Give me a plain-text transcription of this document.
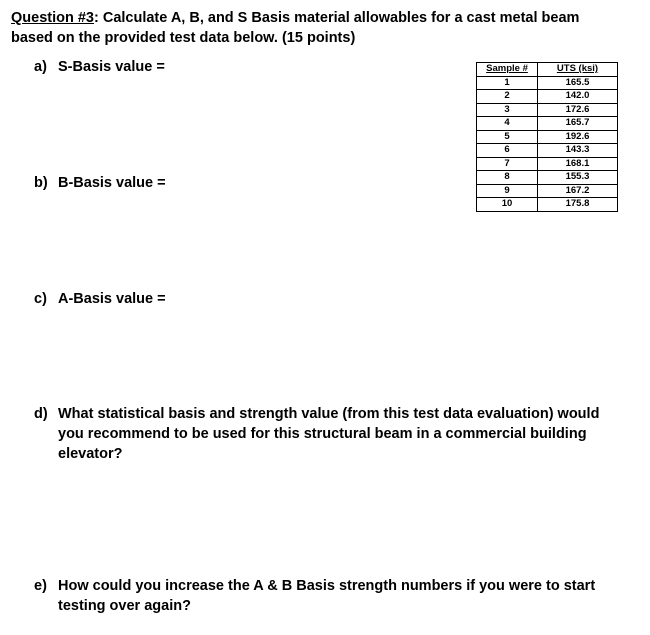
Question #3: Calculate A, B, and S Basis material allowables for a cast metal beam based on the provided test data below. (15 points)
a) S-Basis value =
b) B-Basis value =
c) A-Basis value =
d) What statistical basis and strength value (from this test data evaluation) would you recommend to be used for this structural beam in a commercial building elevator?
e) How could you increase the A & B Basis strength numbers if you were to start testing over again?
Sample #	UTS (ksi)
1	165.5
2	142.0
3	172.6
4	165.7
5	192.6
6	143.3
7	168.1
8	155.3
9	167.2
10	175.8
